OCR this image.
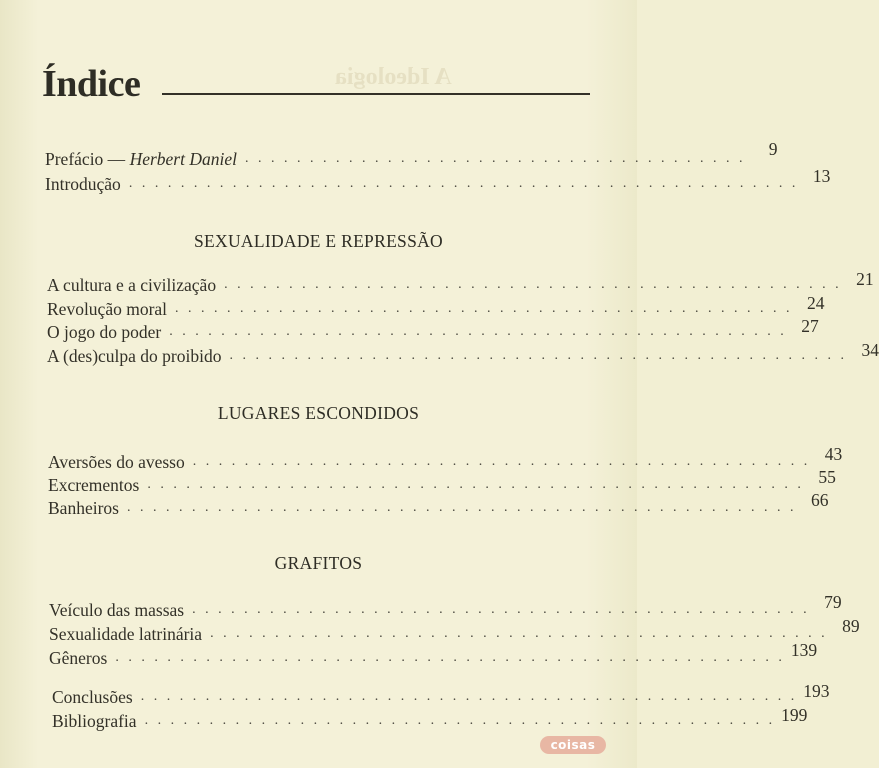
A Ideologia
Índice
Prefácio — Herbert Daniel . . . . . . . . . . . . . . . . . . . . . . . . . . . . . . . . . . . . . . .	9
Introdução . . . . . . . . . . . . . . . . . . . . . . . . . . . . . . . . . . . . . . . . . . . . . . . . . . . . 13
SEXUALIDADE E REPRESSÃO
A cultura e a civilização . . . . . . . . . . . . . . . . . . . . . . . . . . . . . . . . . . . . . . . . . . . . . . . . 21
Revolução moral . . . . . . . . . . . . . . . . . . . . . . . . . . . . . . . . . . . . . . . . . . . . . . . . 24
O jogo do poder . . . . . . . . . . . . . . . . . . . . . . . . . . . . . . . . . . . . . . . . . . . . . . . . 27
A (des)culpa do proibido . . . . . . . . . . . . . . . . . . . . . . . . . . . . . . . . . . . . . . . . . . . . . . . . 34
LUGARES ESCONDIDOS
Aversões do avesso . . . . . . . . . . . . . . . . . . . . . . . . . . . . . . . . . . . . . . . . . . . . . . . . 43
Excrementos . . . . . . . . . . . . . . . . . . . . . . . . . . . . . . . . . . . . . . . . . . . . . . . . . . . 55
Banheiros . . . . . . . . . . . . . . . . . . . . . . . . . . . . . . . . . . . . . . . . . . . . . . . . . . . . 66
GRAFITOS
Veículo das massas . . . . . . . . . . . . . . . . . . . . . . . . . . . . . . . . . . . . . . . . . . . . . . . . 79
Sexualidade latrinária . . . . . . . . . . . . . . . . . . . . . . . . . . . . . . . . . . . . . . . . . . . . . . . . 89
Gêneros . . . . . . . . . . . . . . . . . . . . . . . . . . . . . . . . . . . . . . . . . . . . . . . . . . . . 139
Conclusões . . . . . . . . . . . . . . . . . . . . . . . . . . . . . . . . . . . . . . . . . . . . . . . . . . . 193
Bibliografia . . . . . . . . . . . . . . . . . . . . . . . . . . . . . . . . . . . . . . . . . . . . . . . . . 199
coisas
